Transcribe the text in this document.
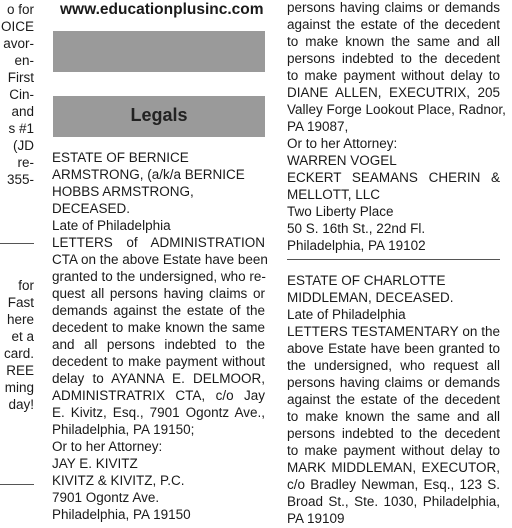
o for
OICE
avor-
en-
First
Cin-
and
s #1
(JD
re-
355-
for
Fast
here
et a
card.
REE
ming
day!
www.educationplusinc.com
Legals
ESTATE OF BERNICE
ARMSTRONG, (a/k/a BERNICE
HOBBS ARMSTRONG,
DECEASED.
Late of Philadelphia
LETTERS of ADMINISTRATION
CTA on the above Estate have been
granted to the undersigned, who re-
quest all persons having claims or
demands against the estate of the
decedent to make known the same
and all persons indebted to the
decedent to make payment without
delay to AYANNA E. DELMOOR,
ADMINISTRATRIX CTA, c/o Jay
E. Kivitz, Esq., 7901 Ogontz Ave.,
Philadelphia, PA 19150;
Or to her Attorney:
JAY E. KIVITZ
KIVITZ & KIVITZ, P.C.
7901 Ogontz Ave.
Philadelphia, PA 19150
persons having claims or demands
against the estate of the decedent
to make known the same and all
persons indebted to the decedent
to make payment without delay to
DIANE ALLEN, EXECUTRIX, 205
Valley Forge Lookout Place, Radnor,
PA 19087,
Or to her Attorney:
WARREN VOGEL
ECKERT SEAMANS CHERIN &
MELLOTT, LLC
Two Liberty Place
50 S. 16th St., 22nd Fl.
Philadelphia, PA 19102
ESTATE OF CHARLOTTE
MIDDLEMAN, DECEASED.
Late of Philadelphia
LETTERS TESTAMENTARY on the
above Estate have been granted to
the undersigned, who request all
persons having claims or demands
against the estate of the decedent
to make known the same and all
persons indebted to the decedent
to make payment without delay to
MARK MIDDLEMAN, EXECUTOR,
c/o Bradley Newman, Esq., 123 S.
Broad St., Ste. 1030, Philadelphia,
PA 19109
